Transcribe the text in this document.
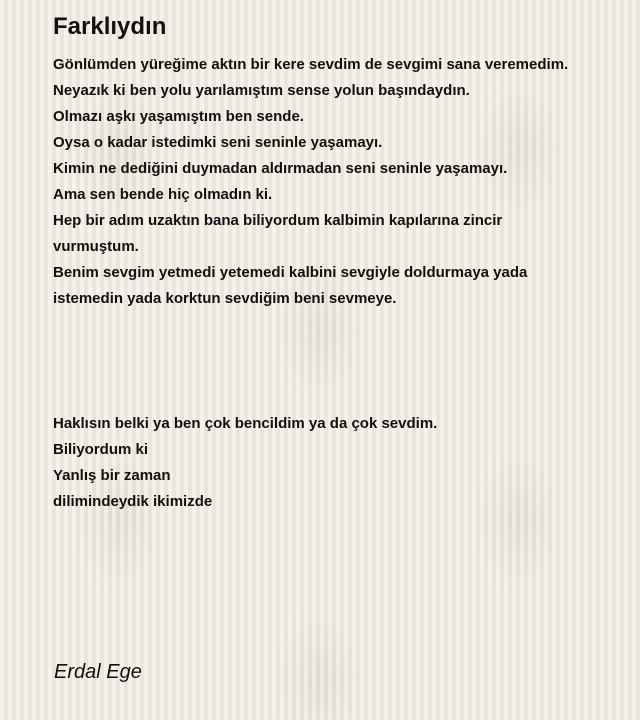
Farklıydın
Gönlümden yüreğime aktın bir kere sevdim de sevgimi sana veremedim.
Neyazık ki ben yolu yarılamıştım sense yolun başındaydın.
Olmazı aşkı yaşamıştım ben sende.
Oysa o kadar istedimki seni seninle yaşamayı.
Kimin ne dediğini duymadan aldırmadan seni seninle yaşamayı.
Ama sen bende hiç olmadın ki.
Hep bir adım uzaktın bana biliyordum kalbimin kapılarına zincir
vurmuştum.
Benim sevgim yetmedi yetemedi kalbini sevgiyle doldurmaya yada
istemedin yada korktun sevdiğim beni sevmeye.
Haklısın belki ya ben çok bencildim ya da çok sevdim.
Biliyordum ki
Yanlış bir zaman
dilimindeydik ikimizde

Erdal Ege
